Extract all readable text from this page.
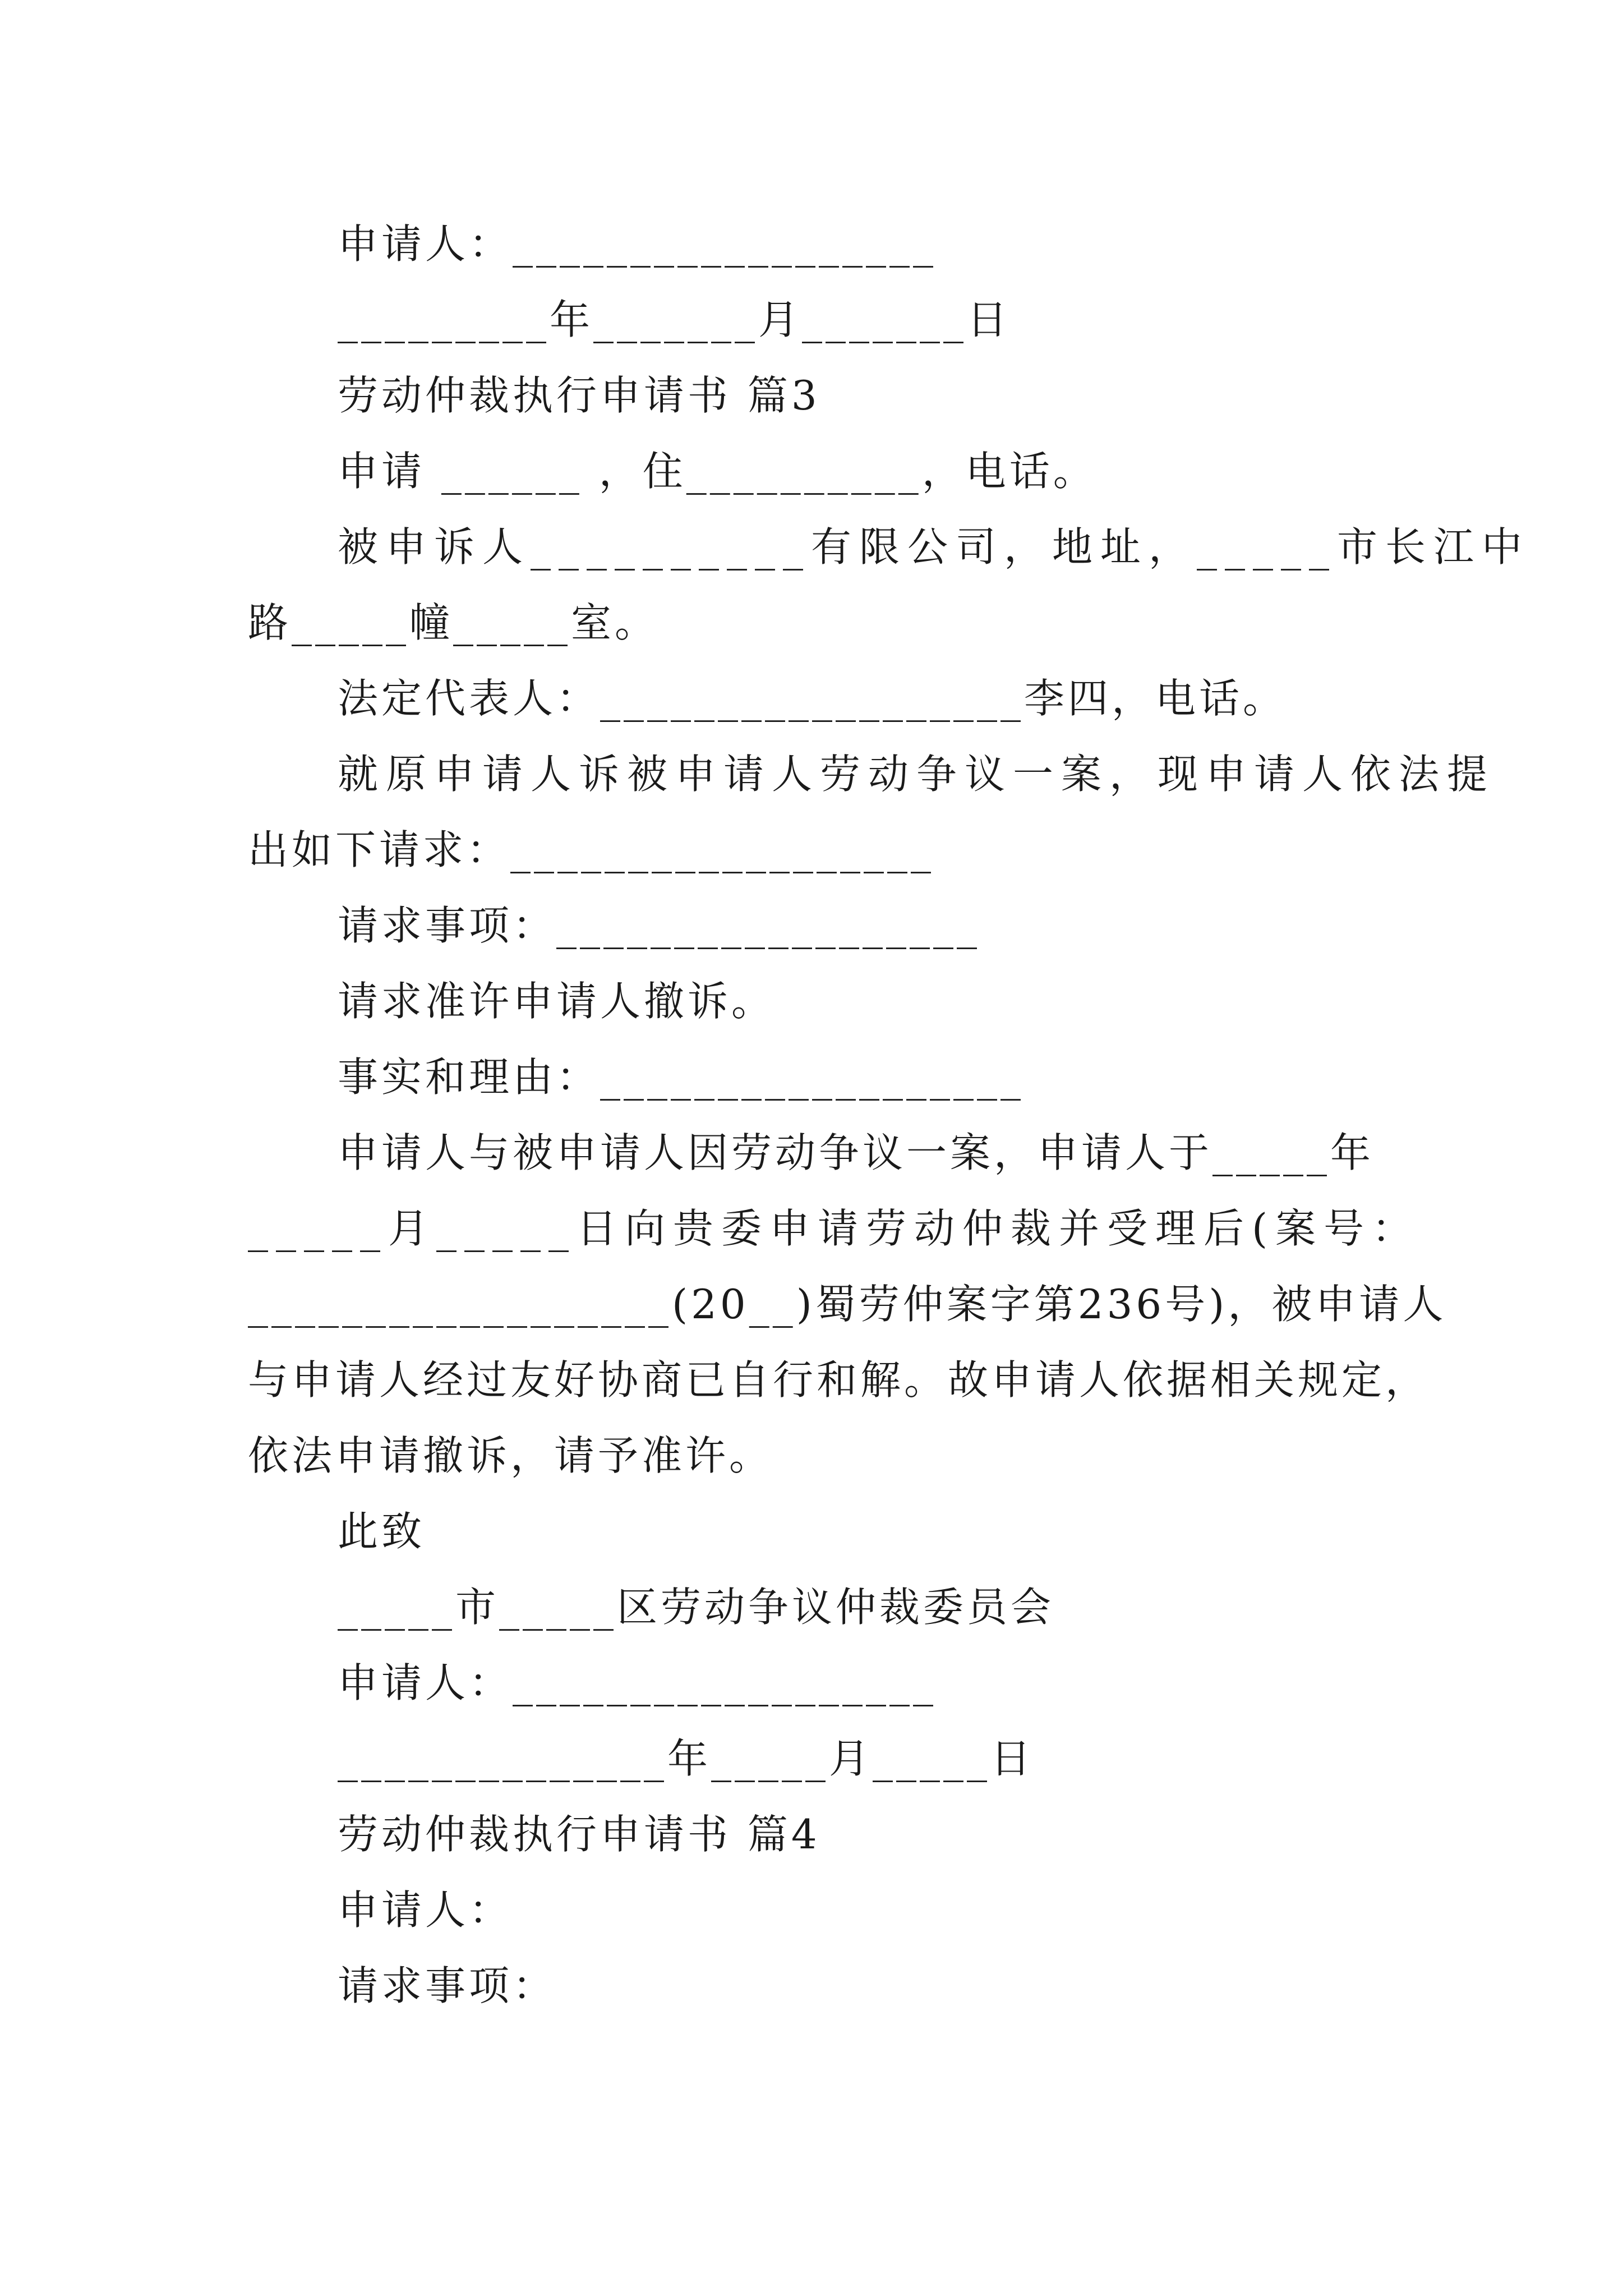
申请人：__________________
_________年_______月_______日
劳动仲裁执行申请书 篇3
申请 ______ ，住__________，电话。
被申诉人__________有限公司，地址，_____市长江中
路_____幢_____室。
法定代表人：__________________李四，电话。
就原申请人诉被申请人劳动争议一案，现申请人依法提
出如下请求：__________________
请求事项：__________________
请求准许申请人撤诉。
事实和理由：__________________
申请人与被申请人因劳动争议一案，申请人于_____年
_____月_____日向贵委申请劳动仲裁并受理后(案号：
__________________(20__)蜀劳仲案字第236号)，被申请人
与申请人经过友好协商已自行和解。故申请人依据相关规定，
依法申请撤诉，请予准许。
此致
_____市_____区劳动争议仲裁委员会
申请人：__________________
______________年_____月_____日
劳动仲裁执行申请书 篇4
申请人：
请求事项：
